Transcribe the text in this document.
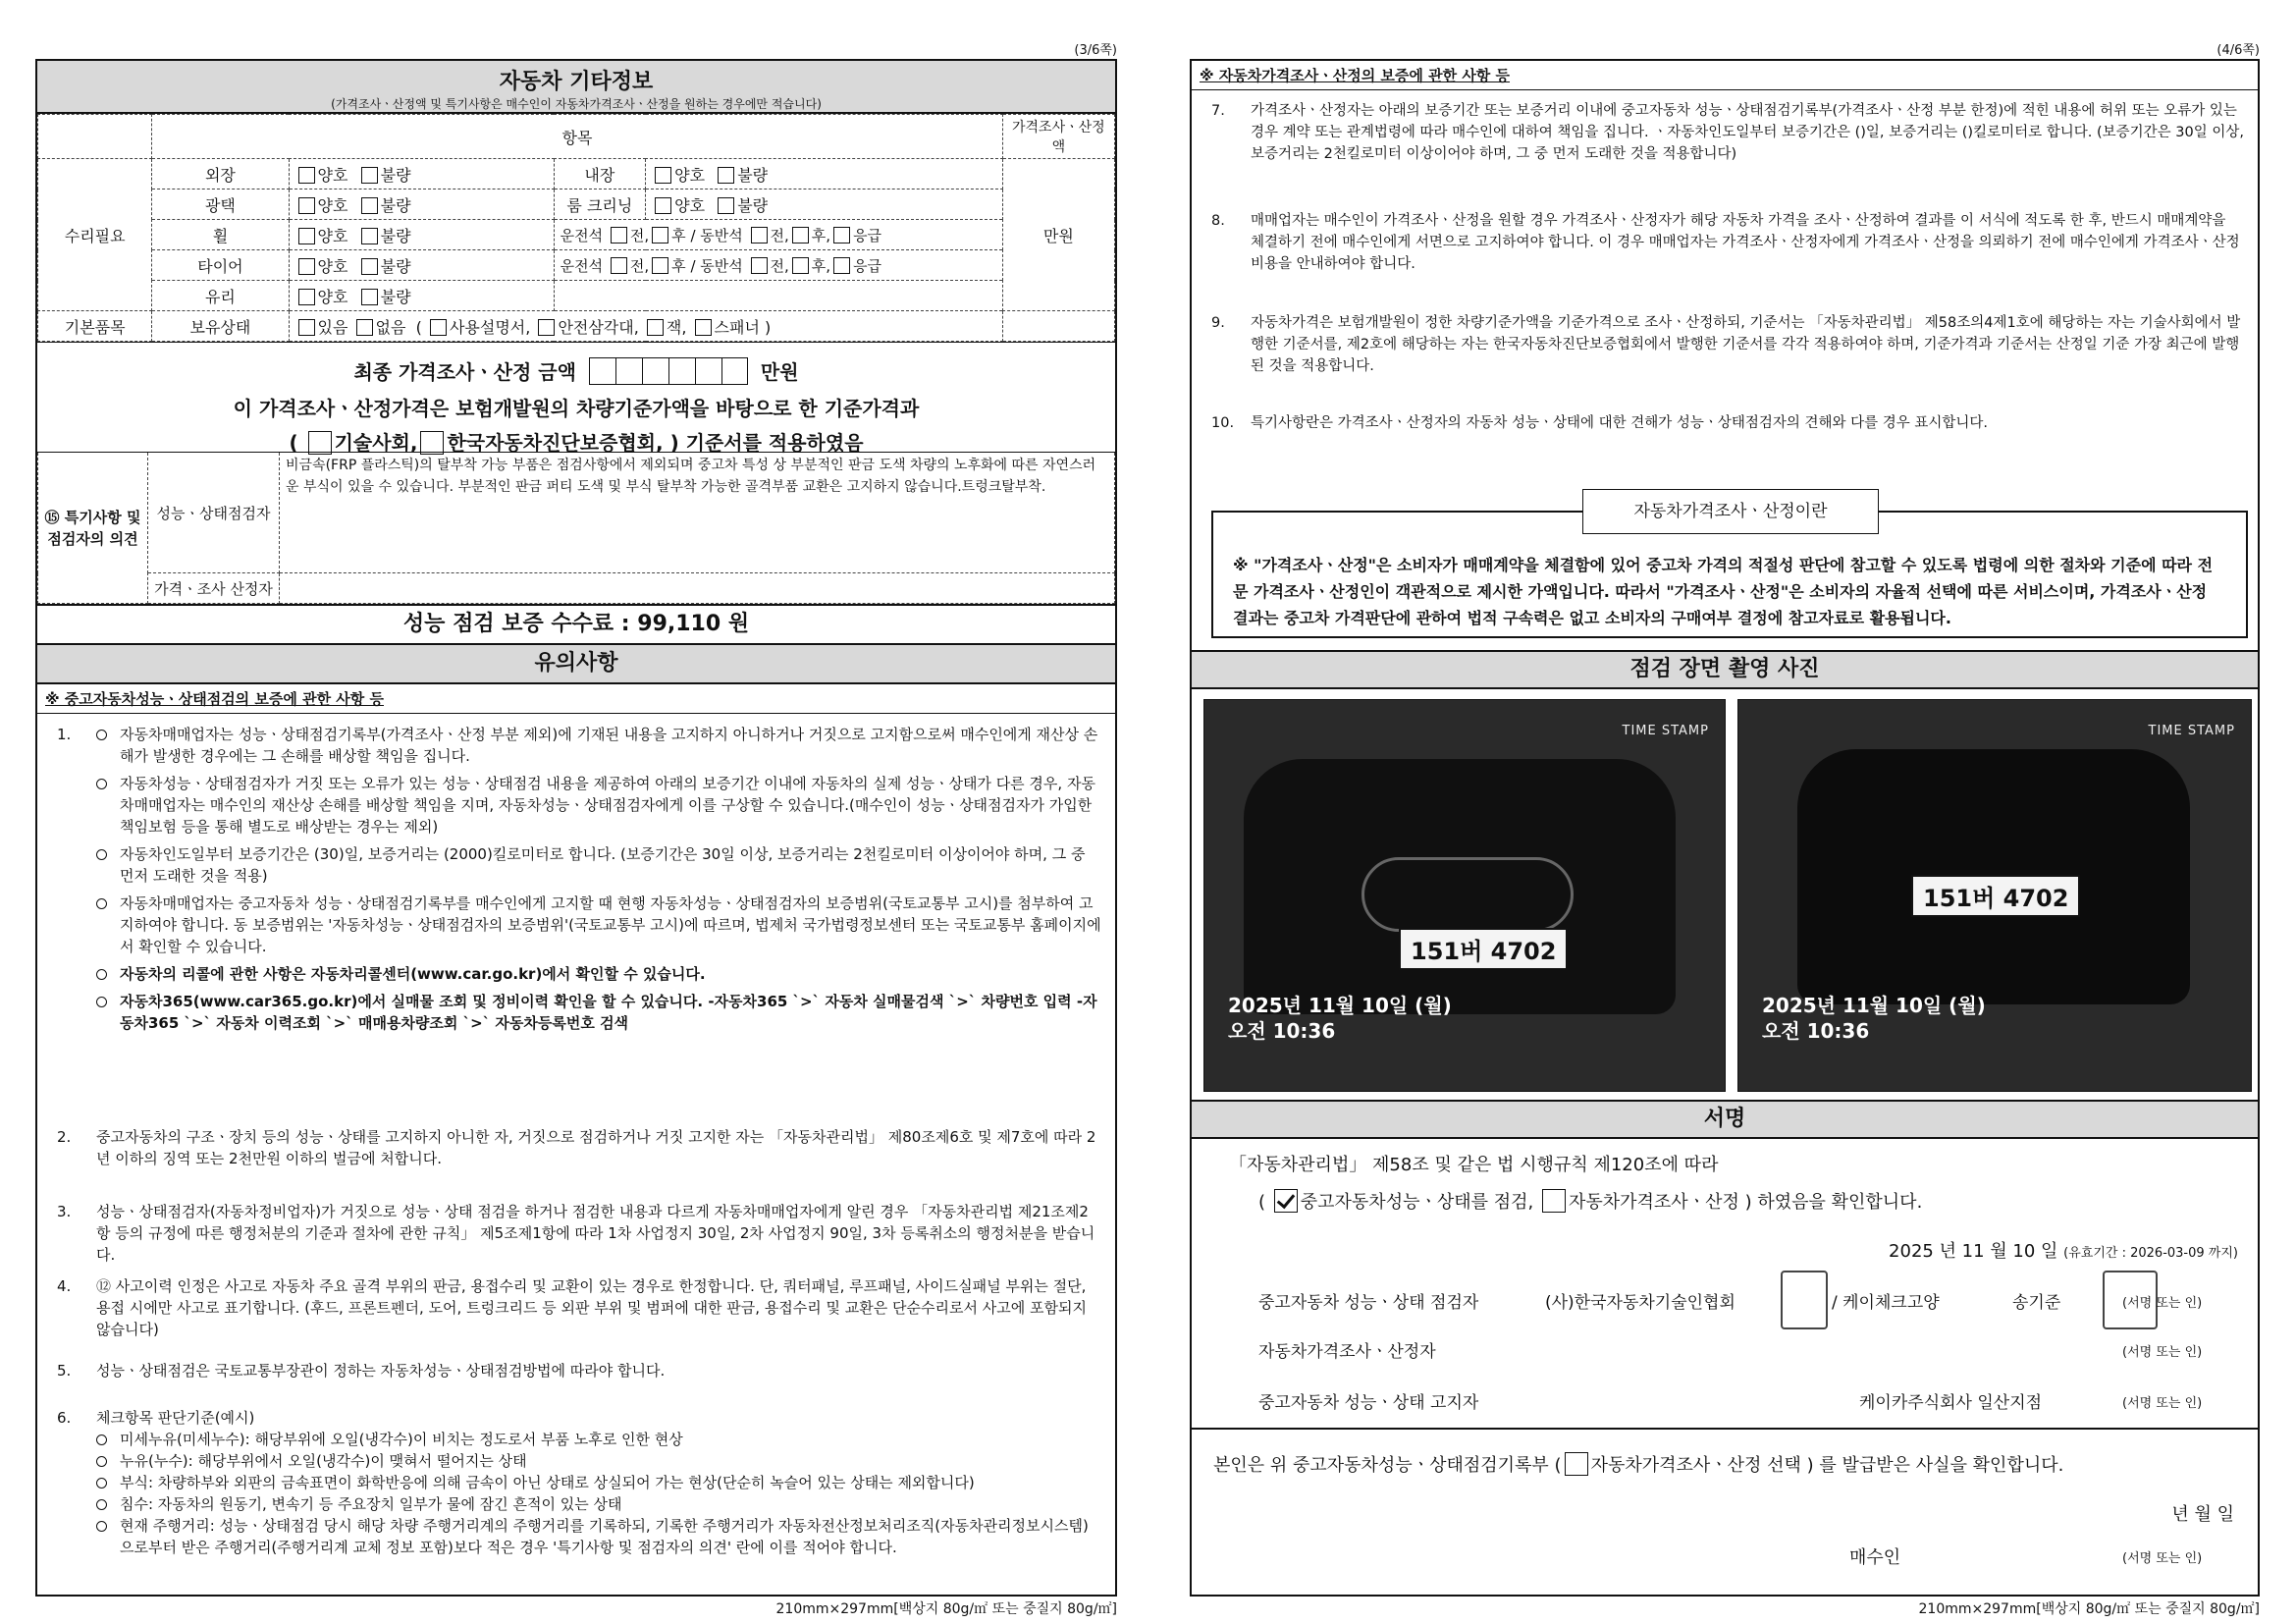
(3/6쪽)
자동차 기타정보
(가격조사ㆍ산정액 및 특기사항은 매수인이 자동차가격조사ㆍ산정을 원하는 경우에만 적습니다)
	항목				가격조사ㆍ산정액
수리필요	외장	양호 불량	내장	양호 불량	만원
	광택	양호 불량	룸 크리닝	양호 불량	
	휠	양호 불량	운전석 전, 후 / 동반석 전, 후, 응급		
	타이어	양호 불량	운전석 전, 후 / 동반석 전, 후, 응급		
	유리	양호 불량			
기본품목	보유상태	있음 없음  ( 사용설명서, 안전삼각대, 잭, 스패너 )			
최종 가격조사ㆍ산정 금액	만원
이 가격조사ㆍ산정가격은 보험개발원의 차량기준가액을 바탕으로 한 기준가격과
( 기술사회, 한국자동차진단보증협회, ) 기준서를 적용하였음
⑮ 특기사항 및 점검자의 의견	성능ㆍ상태점검자	비금속(FRP 플라스틱)의 탈부착 가능 부품은 점검사항에서 제외되며 중고차 특성 상 부분적인 판금 도색 차량의 노후화에 따른 자연스러운 부식이 있을 수 있습니다. 부분적인 판금 퍼티 도색 및 부식 탈부착 가능한 골격부품 교환은 고지하지 않습니다.트렁크탈부착.
	가격ㆍ조사 산정자	
성능 점검 보증 수수료 : 99,110 원
유의사항
※ 중고자동차성능ㆍ상태점검의 보증에 관한 사항 등
1.	자동차매매업자는 성능ㆍ상태점검기록부(가격조사ㆍ산정 부분 제외)에 기재된 내용을 고지하지 아니하거나 거짓으로 고지함으로써 매수인에게 재산상 손해가 발생한 경우에는 그 손해를 배상할 책임을 집니다.
자동차성능ㆍ상태점검자가 거짓 또는 오류가 있는 성능ㆍ상태점검 내용을 제공하여 아래의 보증기간 이내에 자동차의 실제 성능ㆍ상태가 다른 경우, 자동차매매업자는 매수인의 재산상 손해를 배상할 책임을 지며, 자동차성능ㆍ상태점검자에게 이를 구상할 수 있습니다.(매수인이 성능ㆍ상태점검자가 가입한 책임보험 등을 통해 별도로 배상받는 경우는 제외)
자동차인도일부터 보증기간은 (30)일, 보증거리는 (2000)킬로미터로 합니다. (보증기간은 30일 이상, 보증거리는 2천킬로미터 이상이어야 하며, 그 중 먼저 도래한 것을 적용)
자동차매매업자는 중고자동차 성능ㆍ상태점검기록부를 매수인에게 고지할 때 현행 자동차성능ㆍ상태점검자의 보증범위(국토교통부 고시)를 첨부하여 고지하여야 합니다. 동 보증범위는 '자동차성능ㆍ상태점검자의 보증범위'(국토교통부 고시)에 따르며, 법제처 국가법령정보센터 또는 국토교통부 홈페이지에서 확인할 수 있습니다.
자동차의 리콜에 관한 사항은 자동차리콜센터(www.car.go.kr)에서 확인할 수 있습니다.
자동차365(www.car365.go.kr)에서 실매물 조회 및 정비이력 확인을 할 수 있습니다. -자동차365 `>` 자동차 실매물검색 `>` 차량번호 입력 -자동차365 `>` 자동차 이력조회 `>` 매매용차량조회 `>` 자동차등록번호 검색
2. 중고자동차의 구조ㆍ장치 등의 성능ㆍ상태를 고지하지 아니한 자, 거짓으로 점검하거나 거짓 고지한 자는 「자동차관리법」 제80조제6호 및 제7호에 따라 2년 이하의 징역 또는 2천만원 이하의 벌금에 처합니다.
3. 성능ㆍ상태점검자(자동차정비업자)가 거짓으로 성능ㆍ상태 점검을 하거나 점검한 내용과 다르게 자동차매매업자에게 알린 경우 「자동차관리법 제21조제2항 등의 규정에 따른 행정처분의 기준과 절차에 관한 규칙」 제5조제1항에 따라 1차 사업정지 30일, 2차 사업정지 90일, 3차 등록취소의 행정처분을 받습니다.
4. ⑫ 사고이력 인정은 사고로 자동차 주요 골격 부위의 판금, 용접수리 및 교환이 있는 경우로 한정합니다. 단, 쿼터패널, 루프패널, 사이드실패널 부위는 절단, 용접 시에만 사고로 표기합니다. (후드, 프론트펜더, 도어, 트렁크리드 등 외판 부위 및 범퍼에 대한 판금, 용접수리 및 교환은 단순수리로서 사고에 포함되지 않습니다)
5. 성능ㆍ상태점검은 국토교통부장관이 정하는 자동차성능ㆍ상태점검방법에 따라야 합니다.
6. 체크항목 판단기준(예시)
미세누유(미세누수): 해당부위에 오일(냉각수)이 비치는 정도로서 부품 노후로 인한 현상
누유(누수): 해당부위에서 오일(냉각수)이 맺혀서 떨어지는 상태
부식: 차량하부와 외판의 금속표면이 화학반응에 의해 금속이 아닌 상태로 상실되어 가는 현상(단순히 녹슬어 있는 상태는 제외합니다)
침수: 자동차의 원동기, 변속기 등 주요장치 일부가 물에 잠긴 흔적이 있는 상태
현재 주행거리: 성능ㆍ상태점검 당시 해당 차량 주행거리계의 주행거리를 기록하되, 기록한 주행거리가 자동차전산정보처리조직(자동차관리정보시스템)으로부터 받은 주행거리(주행거리계 교체 정보 포함)보다 적은 경우 '특기사항 및 점검자의 의견' 란에 이를 적어야 합니다.
210mm×297mm[백상지 80g/㎡ 또는 중질지 80g/㎡]
(4/6쪽)
※ 자동차가격조사ㆍ산정의 보증에 관한 사항 등
7. 가격조사ㆍ산정자는 아래의 보증기간 또는 보증거리 이내에 중고자동차 성능ㆍ상태점검기록부(가격조사ㆍ산정 부분 한정)에 적힌 내용에 허위 또는 오류가 있는 경우 계약 또는 관계법령에 따라 매수인에 대하여 책임을 집니다. ㆍ자동차인도일부터 보증기간은 ()일, 보증거리는 ()킬로미터로 합니다. (보증기간은 30일 이상, 보증거리는 2천킬로미터 이상이어야 하며, 그 중 먼저 도래한 것을 적용합니다)
8. 매매업자는 매수인이 가격조사ㆍ산정을 원할 경우 가격조사ㆍ산정자가 해당 자동차 가격을 조사ㆍ산정하여 결과를 이 서식에 적도록 한 후, 반드시 매매계약을 체결하기 전에 매수인에게 서면으로 고지하여야 합니다. 이 경우 매매업자는 가격조사ㆍ산정자에게 가격조사ㆍ산정을 의뢰하기 전에 매수인에게 가격조사ㆍ산정 비용을 안내하여야 합니다.
9. 자동차가격은 보험개발원이 정한 차량기준가액을 기준가격으로 조사ㆍ산정하되, 기준서는 「자동차관리법」 제58조의4제1호에 해당하는 자는 기술사회에서 발행한 기준서를, 제2호에 해당하는 자는 한국자동차진단보증협회에서 발행한 기준서를 각각 적용하여야 하며, 기준가격과 기준서는 산정일 기준 가장 최근에 발행된 것을 적용합니다.
10. 특기사항란은 가격조사ㆍ산정자의 자동차 성능ㆍ상태에 대한 견해가 성능ㆍ상태점검자의 견해와 다를 경우 표시합니다.
자동차가격조사ㆍ산정이란
※ "가격조사ㆍ산정"은 소비자가 매매계약을 체결함에 있어 중고차 가격의 적절성 판단에 참고할 수 있도록 법령에 의한 절차와 기준에 따라 전문 가격조사ㆍ산정인이 객관적으로 제시한 가액입니다. 따라서 "가격조사ㆍ산정"은 소비자의 자율적 선택에 따른 서비스이며, 가격조사ㆍ산정 결과는 중고차 가격판단에 관하여 법적 구속력은 없고 소비자의 구매여부 결정에 참고자료로 활용됩니다.
점검 장면 촬영 사진
TIME STAMP
151버 4702
2025년 11월 10일 (월)
오전 10:36
TIME STAMP
151버 4702
2025년 11월 10일 (월)
오전 10:36
서명
「자동차관리법」 제58조 및 같은 법 시행규칙 제120조에 따라
( 중고자동차성능ㆍ상태를 점검, 자동차가격조사ㆍ산정 ) 하였음을 확인합니다.
2025 년 11 월 10 일 (유효기간 : 2026-03-09 까지)
중고자동차 성능ㆍ상태 점검자	(사)한국자동차기술인협회	/ 케이체크고양	송기준	(서명 또는 인)
자동차가격조사ㆍ산정자	(서명 또는 인)
중고자동차 성능ㆍ상태 고지자	케이카주식회사 일산지점	(서명 또는 인)
본인은 위 중고자동차성능ㆍ상태점검기록부 ( 자동차가격조사ㆍ산정 선택 ) 를 발급받은 사실을 확인합니다.
년 월 일
매수인	(서명 또는 인)
210mm×297mm[백상지 80g/㎡ 또는 중질지 80g/㎡]
